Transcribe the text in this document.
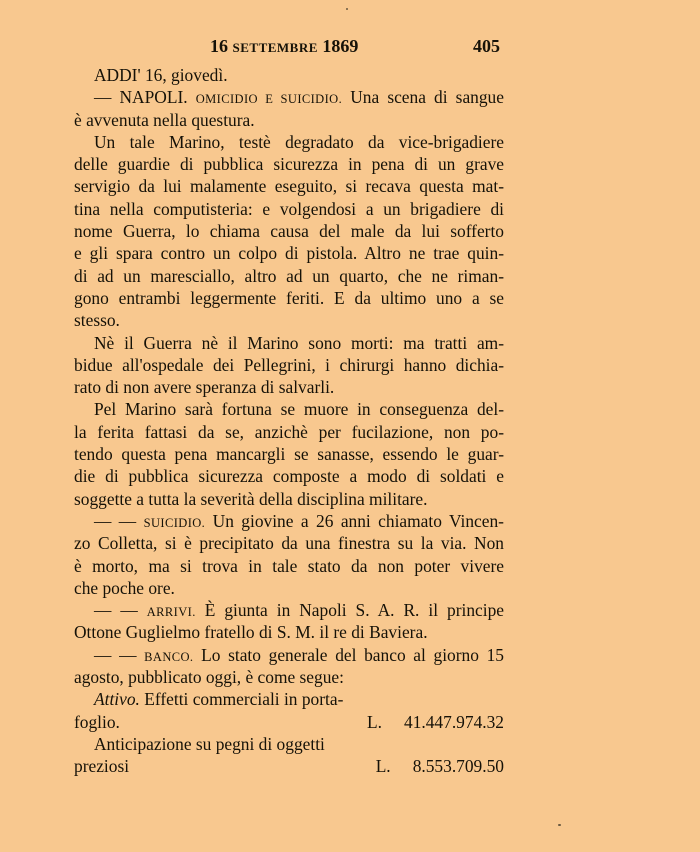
16 SETTEMBRE 1869	405
ADDI' 16, giovedì.
— NAPOLI. OMICIDIO E SUICIDIO. Una scena di sangue
è avvenuta nella questura.
Un tale Marino, testè degradato da vice-brigadiere
delle guardie di pubblica sicurezza in pena di un grave
servigio da lui malamente eseguito, si recava questa mat-
tina nella computisteria: e volgendosi a un brigadiere di
nome Guerra, lo chiama causa del male da lui sofferto
e gli spara contro un colpo di pistola. Altro ne trae quin-
di ad un maresciallo, altro ad un quarto, che ne riman-
gono entrambi leggermente feriti. E da ultimo uno a se
stesso.
Nè il Guerra nè il Marino sono morti: ma tratti am-
bidue all'ospedale dei Pellegrini, i chirurgi hanno dichia-
rato di non avere speranza di salvarli.
Pel Marino sarà fortuna se muore in conseguenza del-
la ferita fattasi da se, anzichè per fucilazione, non po-
tendo questa pena mancargli se sanasse, essendo le guar-
die di pubblica sicurezza composte a modo di soldati e
soggette a tutta la severità della disciplina militare.
— — SUICIDIO. Un giovine a 26 anni chiamato Vincen-
zo Colletta, si è precipitato da una finestra su la via. Non
è morto, ma si trova in tale stato da non poter vivere
che poche ore.
— — ARRIVI. È giunta in Napoli S. A. R. il principe
Ottone Guglielmo fratello di S. M. il re di Baviera.
— — BANCO. Lo stato generale del banco al giorno 15
agosto, pubblicato oggi, è come segue:
Attivo. Effetti commerciali in porta-
foglio.	L. 41.447.974.32
Anticipazione su pegni di oggetti
preziosi	L. 8.553.709.50
